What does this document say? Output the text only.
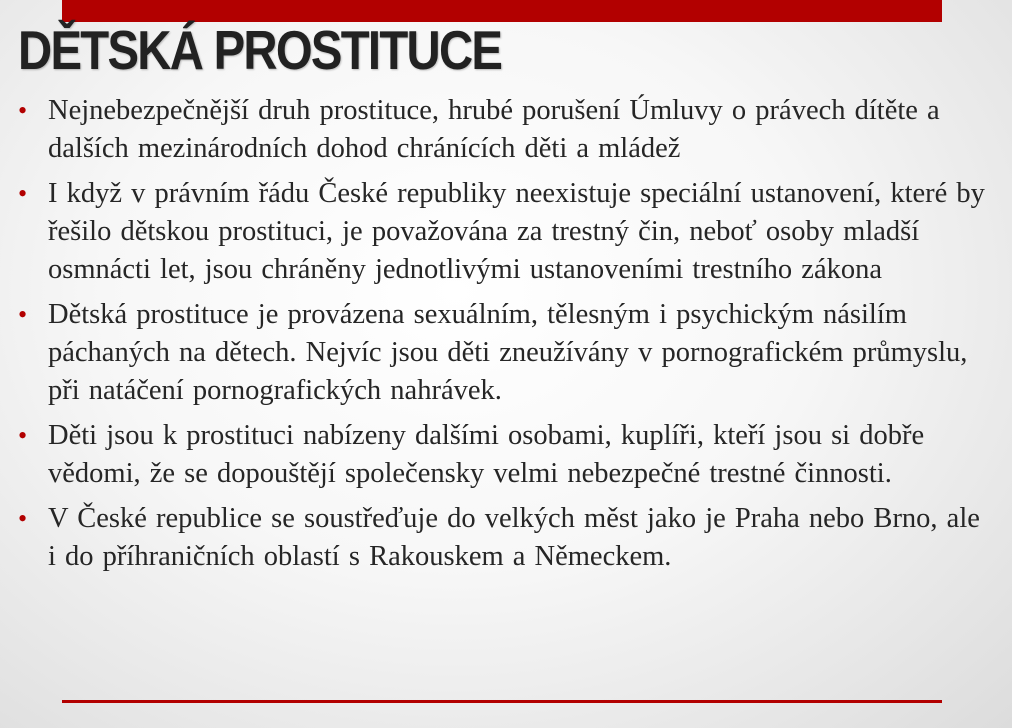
DĚTSKÁ PROSTITUCE
• Nejnebezpečnější druh prostituce, hrubé porušení Úmluvy o právech dítěte a dalších mezinárodních dohod chránících děti a mládež
• I když v právním řádu České republiky neexistuje speciální ustanovení, které by řešilo dětskou prostituci, je považována za trestný čin, neboť osoby mladší osmnácti let, jsou chráněny jednotlivými ustanoveními trestního zákona
• Dětská prostituce je provázena sexuálním, tělesným i psychickým násilím páchaných na dětech. Nejvíc jsou děti zneužívány v pornografickém průmyslu, při natáčení pornografických nahrávek.
• Děti jsou k prostituci nabízeny dalšími osobami, kuplíři, kteří jsou si dobře vědomi, že se dopouštějí společensky velmi nebezpečné trestné činnosti.
• V České republice se soustřeďuje do velkých měst jako je Praha nebo Brno, ale i do příhraničních oblastí s Rakouskem a Německem.
